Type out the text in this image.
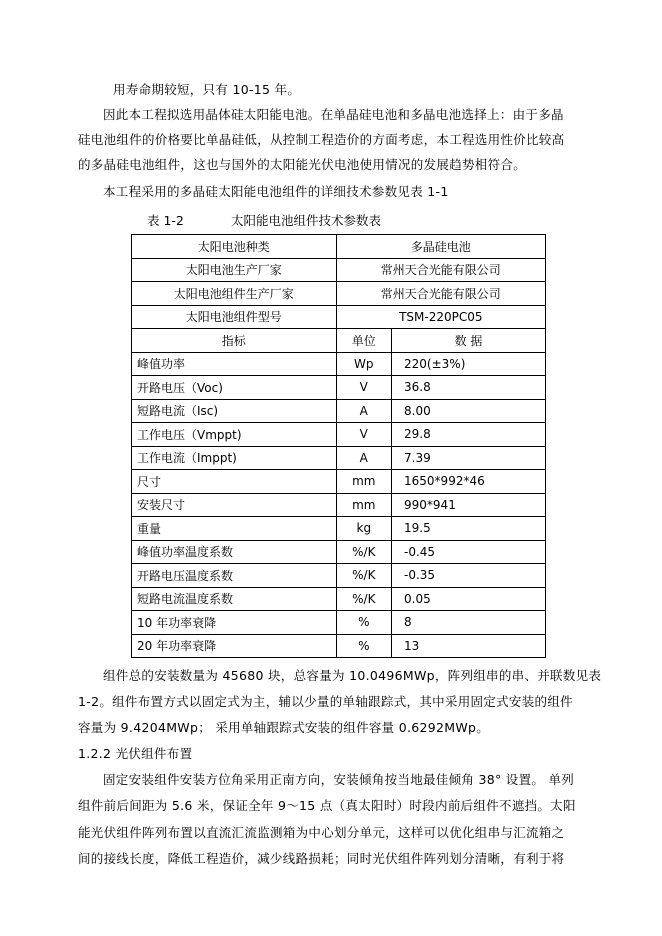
用寿命期较短，只有 10-15 年。
因此本工程拟选用晶体硅太阳能电池。在单晶硅电池和多晶电池选择上：由于多晶
硅电池组件的价格要比单晶硅低，从控制工程造价的方面考虑，本工程选用性价比较高
的多晶硅电池组件，这也与国外的太阳能光伏电池使用情况的发展趋势相符合。
本工程采用的多晶硅太阳能电池组件的详细技术参数见表 1-1
表 1-2	太阳能电池组件技术参数表
太阳电池种类	多晶硅电池	
太阳电池生产厂家	常州天合光能有限公司	
太阳电池组件生产厂家	常州天合光能有限公司	
太阳电池组件型号	TSM-220PC05	
指标	单位	数 据
峰值功率	Wp	220(±3%)
开路电压（Voc)	V	36.8
短路电流（Isc)	A	8.00
工作电压（Vmppt)	V	29.8
工作电流（Imppt)	A	7.39
尺寸	mm	1650*992*46
安装尺寸	mm	990*941
重量	kg	19.5
峰值功率温度系数	%/K	-0.45
开路电压温度系数	%/K	-0.35
短路电流温度系数	%/K	0.05
10 年功率衰降	%	8
20 年功率衰降	%	13
组件总的安装数量为 45680 块，总容量为 10.0496MWp，阵列组串的串、并联数见表
1-2。组件布置方式以固定式为主，辅以少量的单轴跟踪式，其中采用固定式安装的组件
容量为 9.4204MWp； 采用单轴跟踪式安装的组件容量 0.6292MWp。
1.2.2 光伏组件布置
固定安装组件安装方位角采用正南方向，安装倾角按当地最佳倾角 38° 设置。 单列
组件前后间距为 5.6 米，保证全年 9～15 点（真太阳时）时段内前后组件不遮挡。太阳
能光伏组件阵列布置以直流汇流监测箱为中心划分单元，这样可以优化组串与汇流箱之
间的接线长度，降低工程造价，减少线路损耗；同时光伏组件阵列划分清晰，有利于将
